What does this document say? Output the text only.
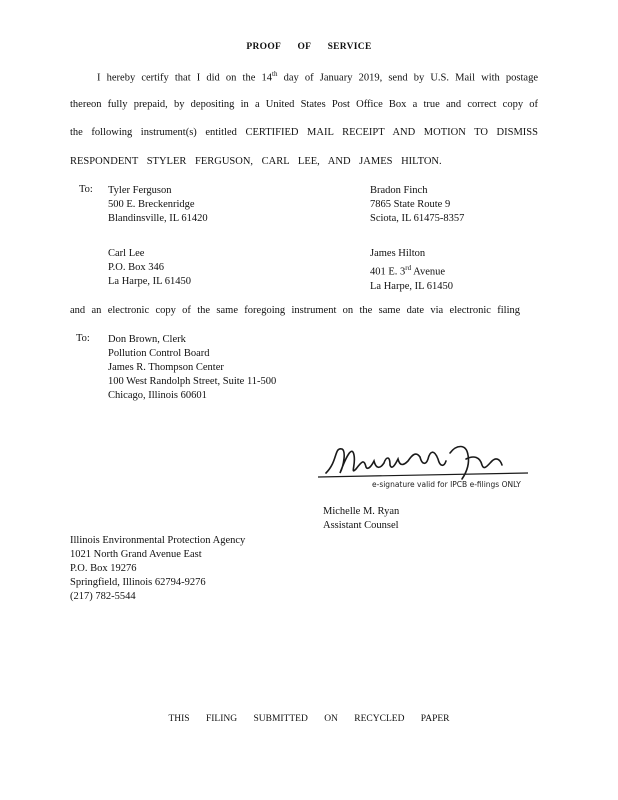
PROOF OF SERVICE
I hereby certify that I did on the 14th day of January 2019, send by U.S. Mail with postage
thereon fully prepaid, by depositing in a United States Post Office Box a true and correct copy of
the following instrument(s) entitled CERTIFIED MAIL RECEIPT AND MOTION TO DISMISS
RESPONDENT STYLER FERGUSON, CARL LEE, AND JAMES HILTON.
To: Tyler Ferguson
500 E. Breckenridge
Blandinsville, IL 61420
Bradon Finch
7865 State Route 9
Sciota, IL 61475-8357
Carl Lee
P.O. Box 346
La Harpe, IL 61450
James Hilton
401 E. 3rd Avenue
La Harpe, IL 61450
and an electronic copy of the same foregoing instrument on the same date via electronic filing
To: Don Brown, Clerk
Pollution Control Board
James R. Thompson Center
100 West Randolph Street, Suite 11-500
Chicago, Illinois 60601
e-signature valid for IPCB e-filings ONLY
Michelle M. Ryan
Assistant Counsel
Illinois Environmental Protection Agency
1021 North Grand Avenue East
P.O. Box 19276
Springfield, Illinois 62794-9276
(217) 782-5544
THIS FILING SUBMITTED ON RECYCLED PAPER
